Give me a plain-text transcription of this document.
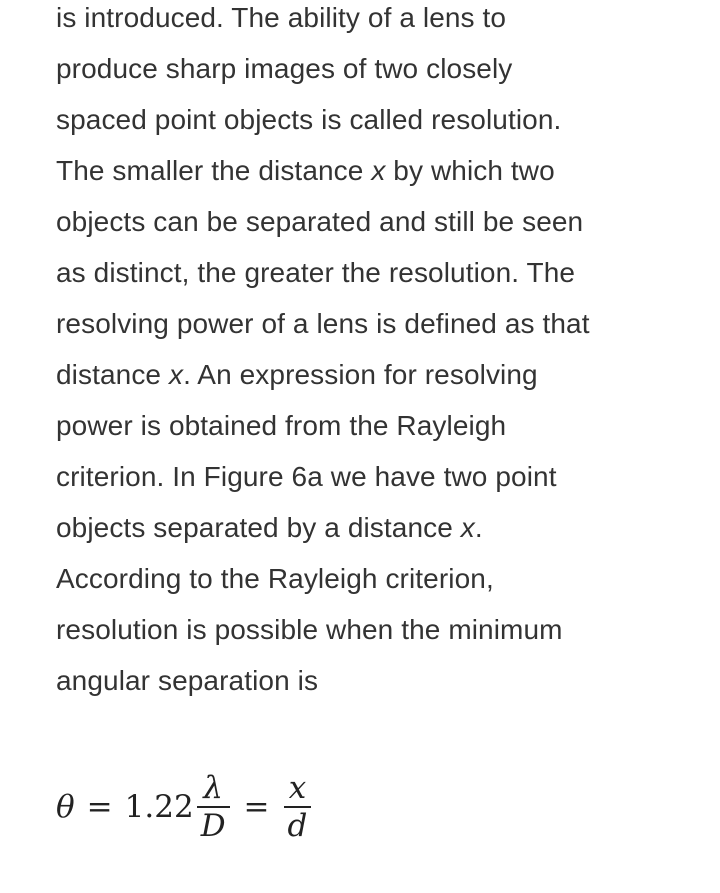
is introduced. The ability of a lens to
produce sharp images of two closely
spaced point objects is called resolution.
The smaller the distance x by which two
objects can be separated and still be seen
as distinct, the greater the resolution. The
resolving power of a lens is defined as that
distance x. An expression for resolving
power is obtained from the Rayleigh
criterion. In Figure 6a we have two point
objects separated by a distance x.
According to the Rayleigh criterion,
resolution is possible when the minimum
angular separation is

$\theta = 1.22 \frac{\lambda}{D} = \frac{x}{d}$
